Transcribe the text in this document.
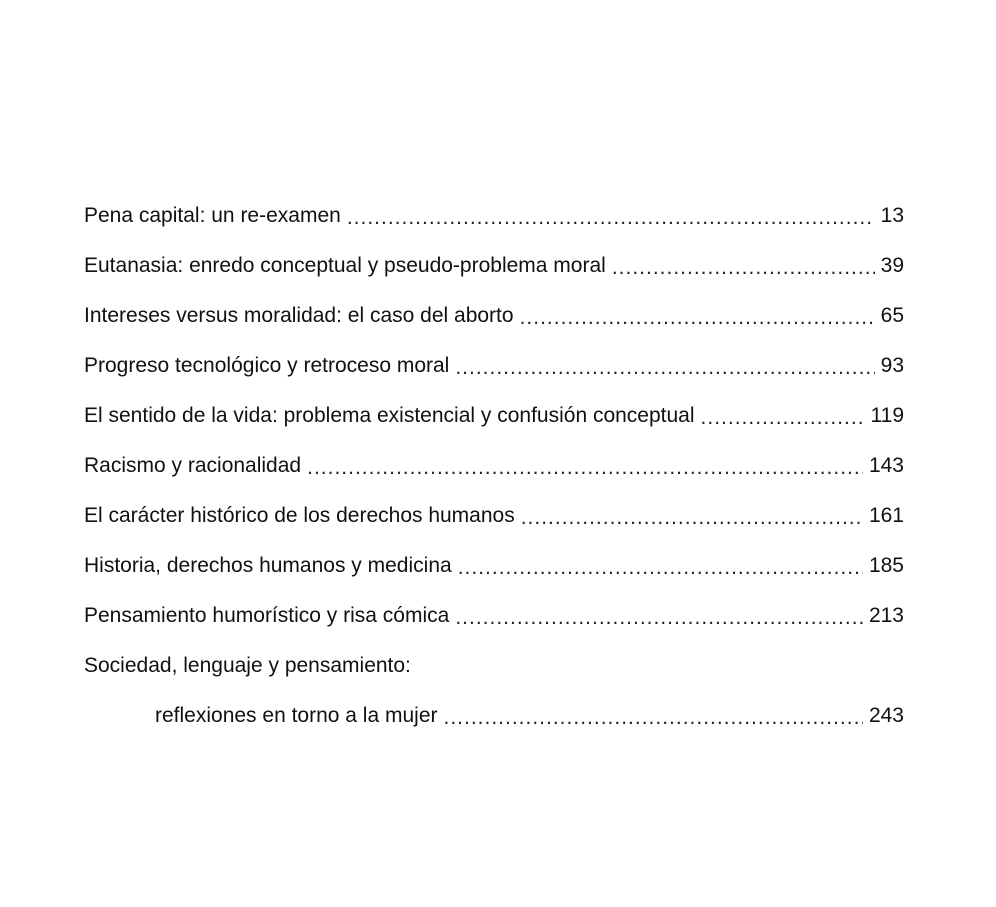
Pena capital: un re-examen .....	13
Eutanasia: enredo conceptual y pseudo-problema moral .....	39
Intereses versus moralidad: el caso del aborto .....	65
Progreso tecnológico y retroceso moral .....	93
El sentido de la vida: problema existencial y confusión conceptual .....	119
Racismo y racionalidad .....	143
El carácter histórico de los derechos humanos .....	161
Historia, derechos humanos y medicina .....	185
Pensamiento humorístico y risa cómica .....	213
Sociedad, lenguaje y pensamiento:
reflexiones en torno a la mujer .....	243
